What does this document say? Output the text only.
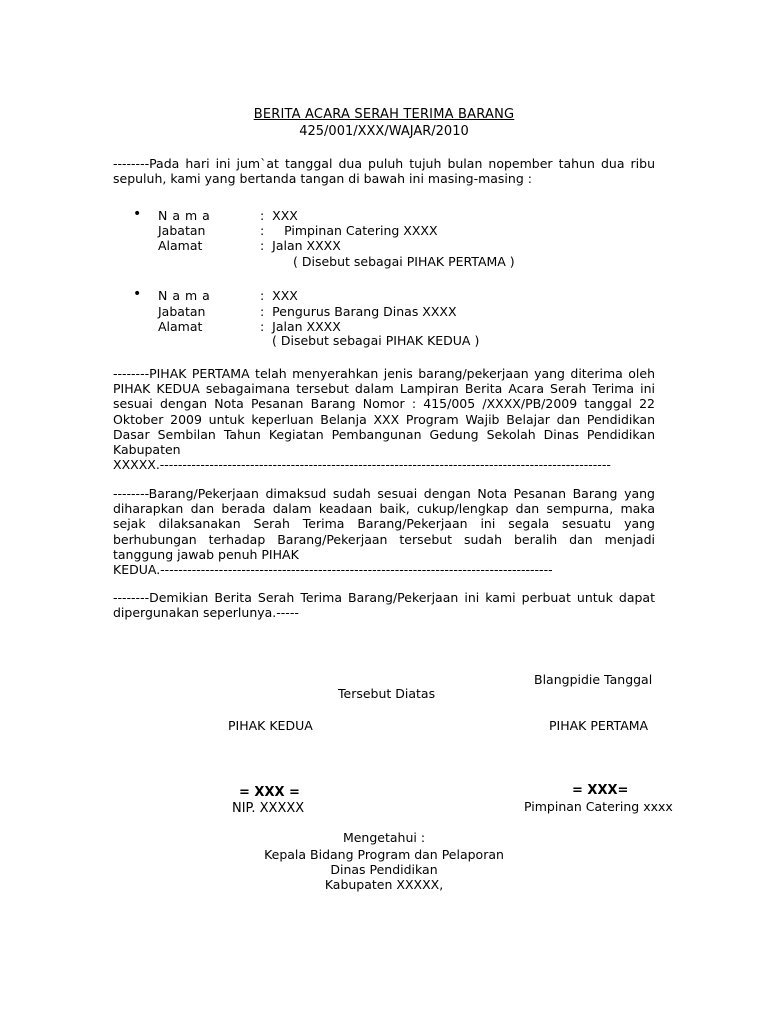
BERITA ACARA SERAH TERIMA BARANG
425/001/XXX/WAJAR/2010
--------Pada hari ini jum`at tanggal dua puluh tujuh bulan nopember tahun dua ribu sepuluh, kami yang bertanda tangan di bawah ini masing-masing :
• N a m a	:  XXX
Jabatan	:     Pimpinan Catering XXXX
Alamat	:  Jalan XXXX
( Disebut sebagai PIHAK PERTAMA )
• N a m a	:  XXX
Jabatan	:  Pengurus Barang Dinas XXXX
Alamat	:  Jalan XXXX
( Disebut sebagai PIHAK KEDUA )
--------PIHAK PERTAMA telah menyerahkan jenis barang/pekerjaan yang diterima oleh PIHAK KEDUA sebagaimana tersebut dalam Lampiran Berita Acara Serah Terima ini sesuai dengan Nota Pesanan Barang Nomor : 415/005 /XXXX/PB/2009 tanggal 22 Oktober 2009 untuk keperluan Belanja XXX Program Wajib Belajar dan Pendidikan Dasar Sembilan Tahun Kegiatan Pembangunan Gedung Sekolah Dinas Pendidikan Kabupaten
XXXXX.----------------------------------------------------------------------------------------------------
--------Barang/Pekerjaan dimaksud sudah sesuai dengan Nota Pesanan Barang yang diharapkan dan berada dalam keadaan baik, cukup/lengkap dan sempurna, maka sejak dilaksanakan Serah Terima Barang/Pekerjaan ini segala sesuatu yang berhubungan terhadap Barang/Pekerjaan tersebut sudah beralih dan menjadi tanggung jawab penuh PIHAK
KEDUA.---------------------------------------------------------------------------------------
--------Demikian Berita Serah Terima Barang/Pekerjaan ini kami perbuat untuk dapat dipergunakan seperlunya.-----
Blangpidie Tanggal
Tersebut Diatas
PIHAK KEDUA	PIHAK PERTAMA
= XXX =
NIP. XXXXX
= XXX=
Pimpinan Catering xxxx
Mengetahui :
Kepala Bidang Program dan Pelaporan
Dinas Pendidikan
Kabupaten XXXXX,
